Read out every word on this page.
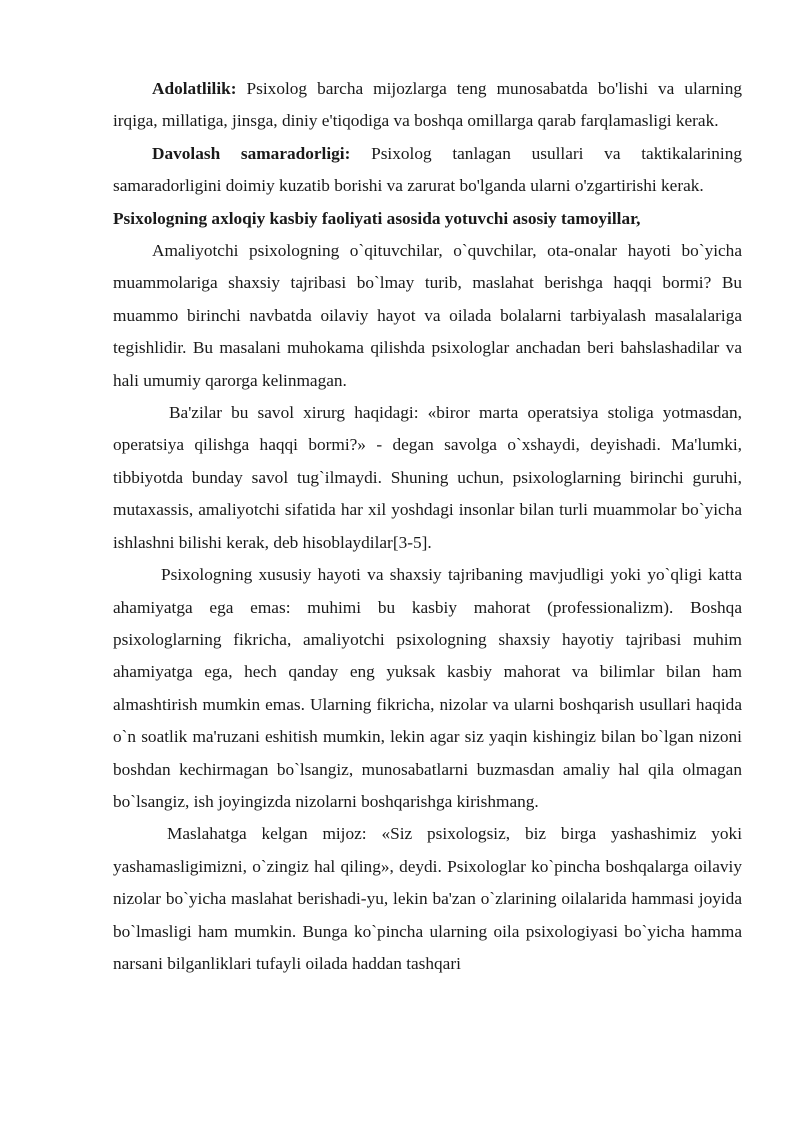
Adolatlilik: Psixolog barcha mijozlarga teng munosabatda bo'lishi va ularning irqiga, millatiga, jinsga, diniy e'tiqodiga va boshqa omillarga qarab farqlamasligi kerak.

Davolash samaradorligi: Psixolog tanlagan usullari va taktikalarining samaradorligini doimiy kuzatib borishi va zarurat bo'lganda ularni o'zgartirishi kerak.

Psixologning axloqiy kasbiy faoliyati asosida yotuvchi asosiy tamoyillar,

Amaliyotchi psixologning o`qituvchilar, o`quvchilar, ota-onalar hayoti bo`yicha muammolariga shaxsiy tajribasi bo`lmay turib, maslahat berishga haqqi bormi? Bu muammo birinchi navbatda oilaviy hayot va oilada bolalarni tarbiyalash masalalariga tegishlidir. Bu masalani muhokama qilishda psixologlar anchadan beri bahslashadilar va hali umumiy qarorga kelinmagan.

Ba'zilar bu savol xirurg haqidagi: «biror marta operatsiya stoliga yotmasdan, operatsiya qilishga haqqi bormi?» - degan savolga o`xshaydi, deyishadi. Ma'lumki, tibbiyotda bunday savol tug`ilmaydi. Shuning uchun, psixologlarning birinchi guruhi, mutaxassis, amaliyotchi sifatida har xil yoshdagi insonlar bilan turli muammolar bo`yicha ishlashni bilishi kerak, deb hisoblaydilar[3-5].

Psixologning xususiy hayoti va shaxsiy tajribaning mavjudligi yoki yo`qligi katta ahamiyatga ega emas: muhimi bu kasbiy mahorat (professionalizm). Boshqa psixologlarning fikricha, amaliyotchi psixologning shaxsiy hayotiy tajribasi muhim ahamiyatga ega, hech qanday eng yuksak kasbiy mahorat va bilimlar bilan ham almashtirish mumkin emas. Ularning fikricha, nizolar va ularni boshqarish usullari haqida o`n soatlik ma'ruzani eshitish mumkin, lekin agar siz yaqin kishingiz bilan bo`lgan nizoni boshdan kechirmagan bo`lsangiz, munosabatlarni buzmasdan amaliy hal qila olmagan bo`lsangiz, ish joyingizda nizolarni boshqarishga kirishmang.

Maslahatga kelgan mijoz: «Siz psixologsiz, biz birga yashashimiz yoki yashamasligimizni, o`zingiz hal qiling», deydi. Psixologlar ko`pincha boshqalarga oilaviy nizolar bo`yicha maslahat berishadi-yu, lekin ba'zan o`zlarining oilalarida hammasi joyida bo`lmasligi ham mumkin. Bunga ko`pincha ularning oila psixologiyasi bo`yicha hamma narsani bilganliklari tufayli oilada haddan tashqari
